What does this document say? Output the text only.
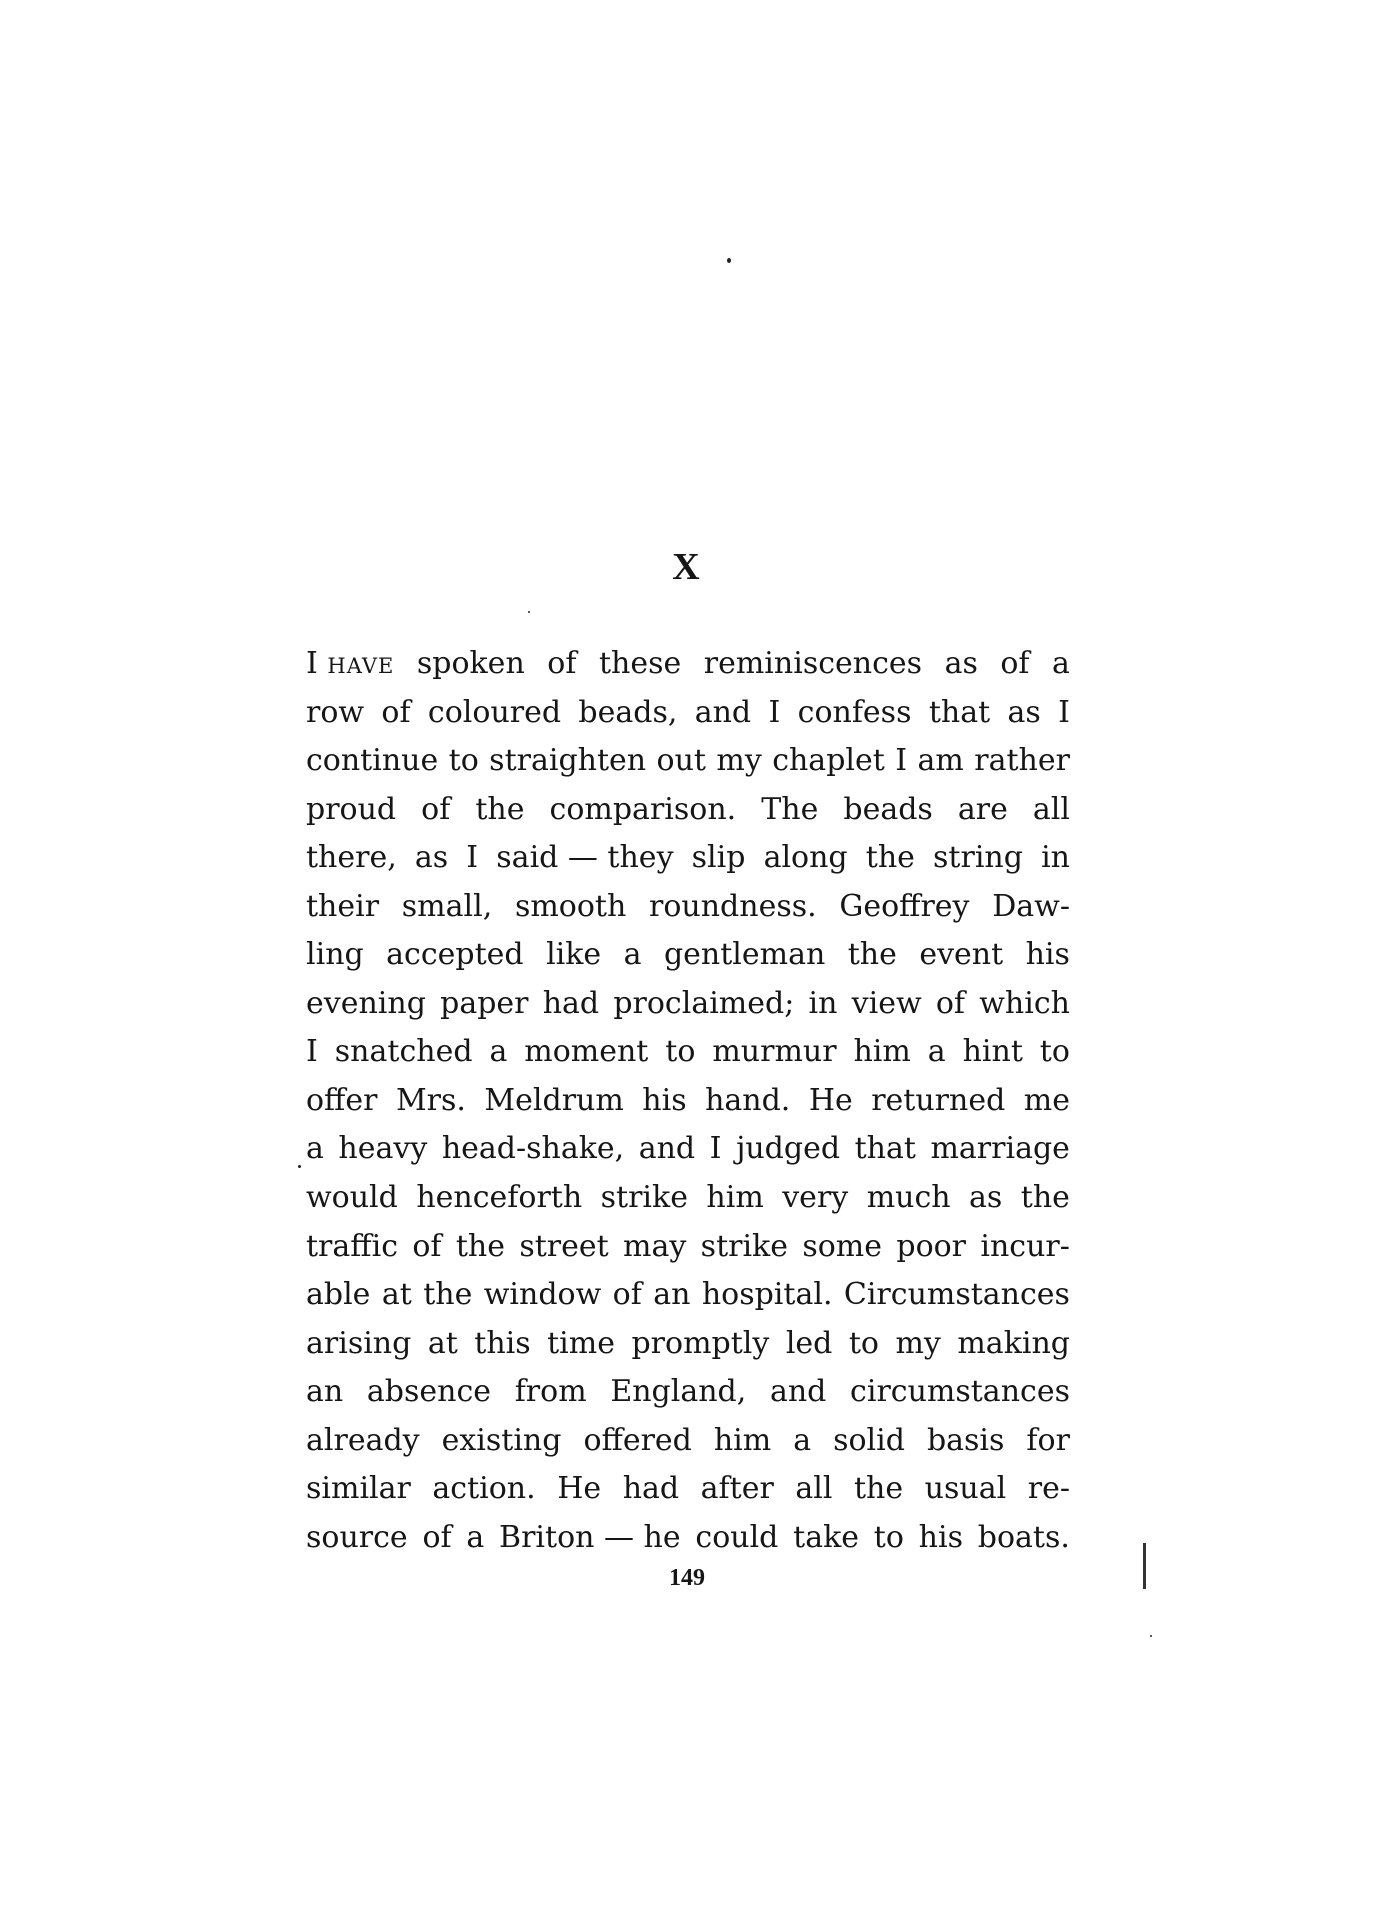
X
I have spoken of these reminiscences as of a
row of coloured beads, and I confess that as I
continue to straighten out my chaplet I am rather
proud of the comparison. The beads are all
there, as I said — they slip along the string in
their small, smooth roundness. Geoffrey Daw-
ling accepted like a gentleman the event his
evening paper had proclaimed; in view of which
I snatched a moment to murmur him a hint to
offer Mrs. Meldrum his hand. He returned me
a heavy head-shake, and I judged that marriage
would henceforth strike him very much as the
traffic of the street may strike some poor incur-
able at the window of an hospital. Circumstances
arising at this time promptly led to my making
an absence from England, and circumstances
already existing offered him a solid basis for
similar action. He had after all the usual re-
source of a Briton — he could take to his boats.
149
